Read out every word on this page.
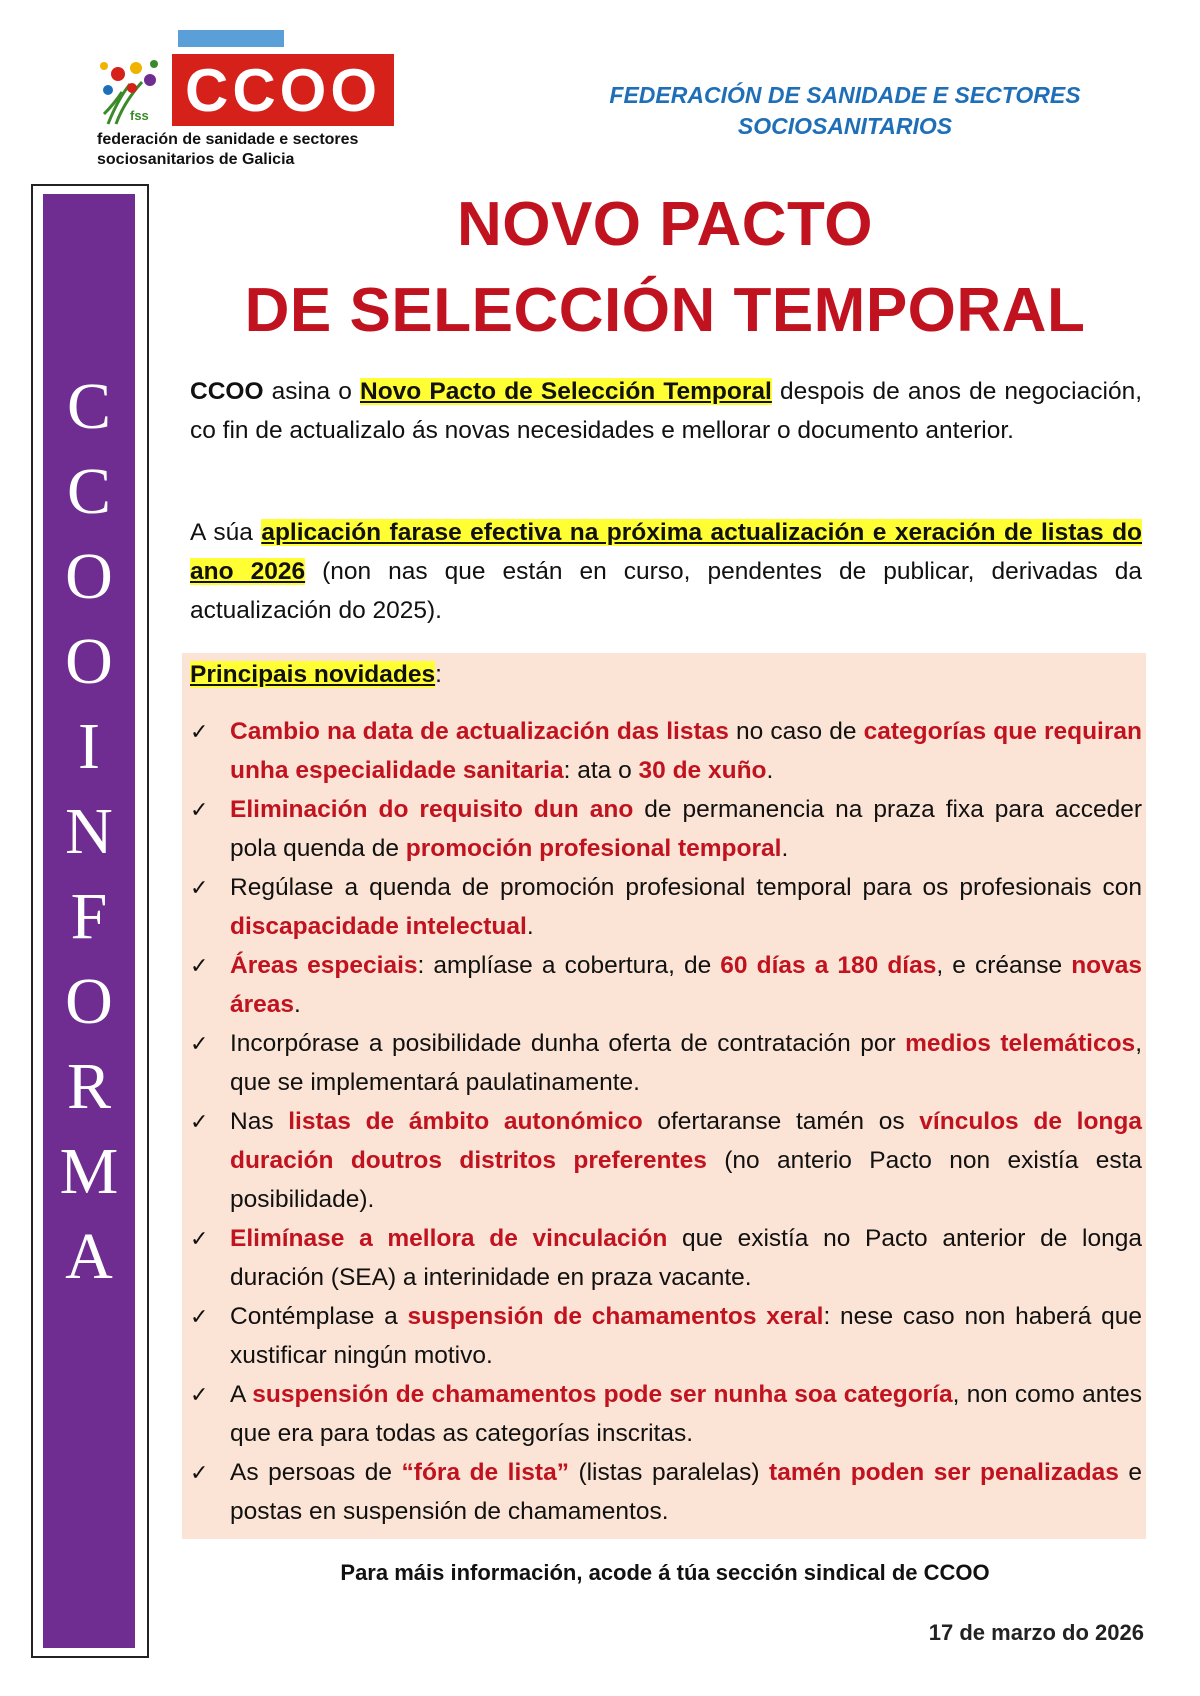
fss CCOO
federación de sanidade e sectores
sociosanitarios de Galicia
FEDERACIÓN DE SANIDADE E SECTORES
SOCIOSANITARIOS
C
C
O
O
I
N
F
O
R
M
A
NOVO PACTO
DE SELECCIÓN TEMPORAL
CCOO asina o Novo Pacto de Selección Temporal despois de anos de negociación, co fin de actualizalo ás novas necesidades e mellorar o documento anterior.
A súa aplicación farase efectiva na próxima actualización e xeración de listas do ano 2026 (non nas que están en curso, pendentes de publicar, derivadas da actualización do 2025).
Principais novidades:
✓ Cambio na data de actualización das listas no caso de categorías que requiran unha especialidade sanitaria: ata o 30 de xuño.
✓ Eliminación do requisito dun ano de permanencia na praza fixa para acceder pola quenda de promoción profesional temporal.
✓ Regúlase a quenda de promoción profesional temporal para os profesionais con discapacidade intelectual.
✓ Áreas especiais: amplíase a cobertura, de 60 días a 180 días, e créanse novas áreas.
✓ Incorpórase a posibilidade dunha oferta de contratación por medios telemáticos, que se implementará paulatinamente.
✓ Nas listas de ámbito autonómico ofertaranse tamén os vínculos de longa duración doutros distritos preferentes (no anterio Pacto non existía esta posibilidade).
✓ Elimínase a mellora de vinculación que existía no Pacto anterior de longa duración (SEA) a interinidade en praza vacante.
✓ Contémplase a suspensión de chamamentos xeral: nese caso non haberá que xustificar ningún motivo.
✓ A suspensión de chamamentos pode ser nunha soa categoría, non como antes que era para todas as categorías inscritas.
✓ As persoas de “fóra de lista” (listas paralelas) tamén poden ser penalizadas e postas en suspensión de chamamentos.
Para máis información, acode á túa sección sindical de CCOO
17 de marzo do 2026
